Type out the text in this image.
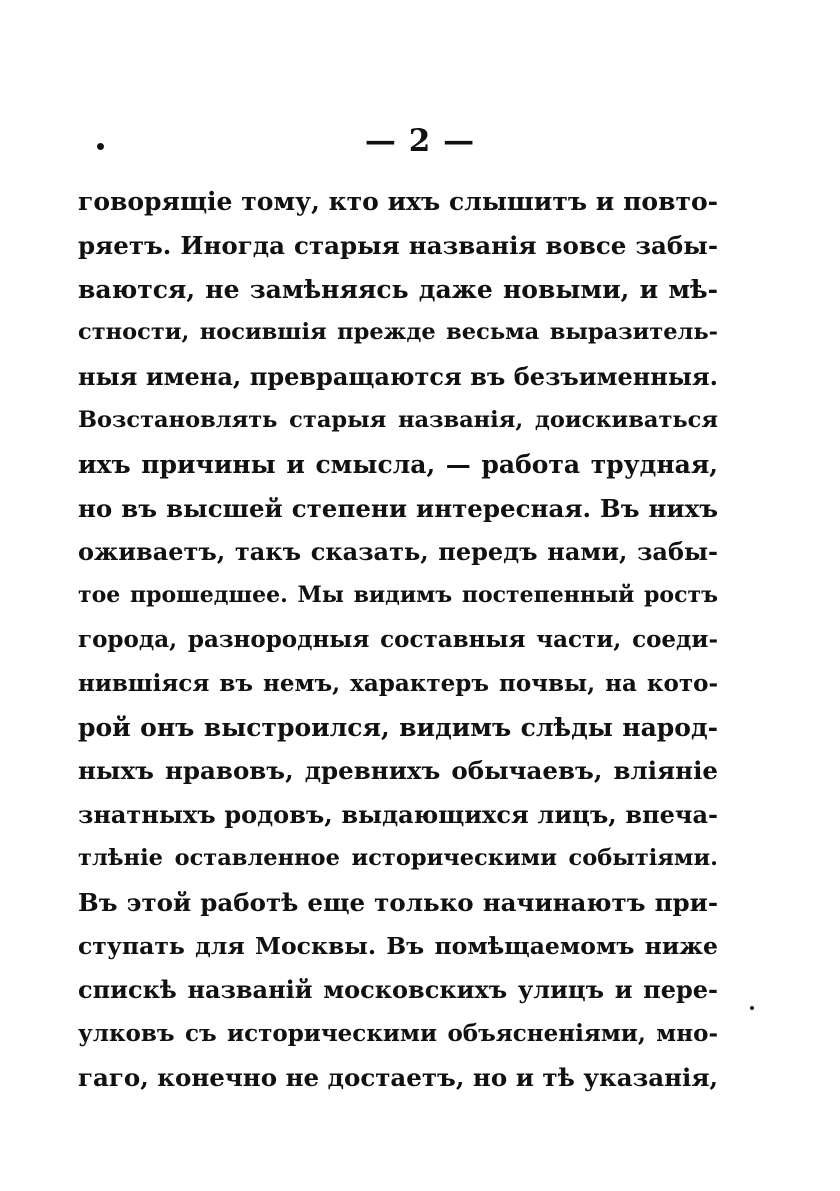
— 2 —
говорящіе тому, кто ихъ слышитъ и повто-
ряетъ. Иногда старыя названія вовсе забы-
ваются, не замѣняясь даже новыми, и мѣ-
стности, носившія прежде весьма выразитель-
ныя имена, превращаются въ безъименныя.
Возстановлять старыя названія, доискиваться
ихъ причины и смысла, — работа трудная,
но въ высшей степени интересная. Въ нихъ
оживаетъ, такъ сказать, передъ нами, забы-
тое прошедшее. Мы видимъ постепенный ростъ
города, разнородныя составныя части, соеди-
нившіяся въ немъ, характеръ почвы, на кото-
рой онъ выстроился, видимъ слѣды народ-
ныхъ нравовъ, древнихъ обычаевъ, вліяніе
знатныхъ родовъ, выдающихся лицъ, впеча-
тлѣніе оставленное историческими событіями.
Въ этой работѣ еще только начинаютъ при-
ступать для Москвы. Въ помѣщаемомъ ниже
спискѣ названій московскихъ улицъ и пере-
улковъ съ историческими объясненіями, мно-
гаго, конечно не достаетъ, но и тѣ указанія,
